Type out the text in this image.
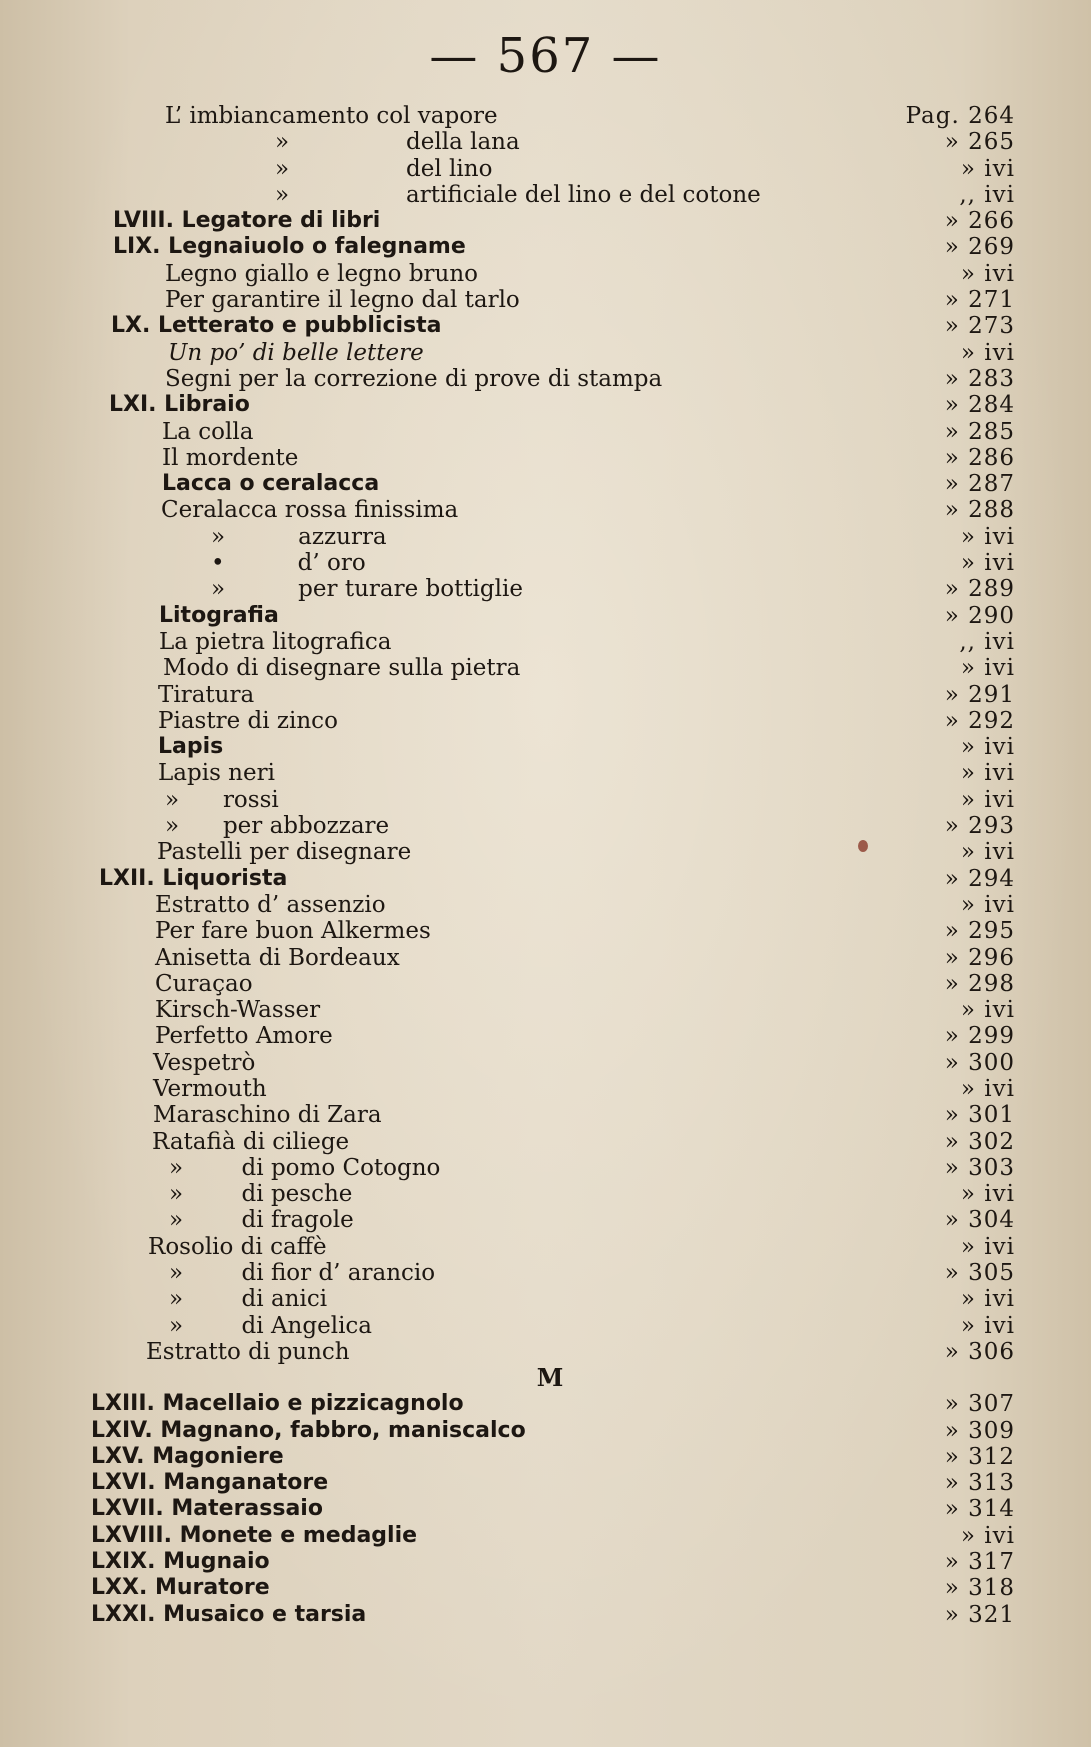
— 567 —
L’ imbiancamento col vapore	Pag. 264
»                della lana	» 265
»                del lino	» ivi
»                artificiale del lino e del cotone	,, ivi
LVIII. Legatore di libri	» 266
LIX. Legnaiuolo o falegname	» 269
Legno giallo e legno bruno	» ivi
Per garantire il legno dal tarlo	» 271
LX. Letterato e pubblicista	» 273
Un po’ di belle lettere	» ivi
Segni per la correzione di prove di stampa	» 283
LXI. Libraio	» 284
La colla	» 285
Il mordente	» 286
Lacca o ceralacca	» 287
Ceralacca rossa finissima	» 288
»          azzurra	» ivi
•          d’ oro	» ivi
»          per turare bottiglie	» 289
Litografia	» 290
La pietra litografica	,, ivi
Modo di disegnare sulla pietra	» ivi
Tiratura	» 291
Piastre di zinco	» 292
Lapis	» ivi
Lapis neri	» ivi
»      rossi	» ivi
»      per abbozzare	» 293
Pastelli per disegnare	» ivi
LXII. Liquorista	» 294
Estratto d’ assenzio	» ivi
Per fare buon Alkermes	» 295
Anisetta di Bordeaux	» 296
Curaçao	» 298
Kirsch-Wasser	» ivi
Perfetto Amore	» 299
Vespetrò	» 300
Vermouth	» ivi
Maraschino di Zara	» 301
Ratafià di ciliege	» 302
»        di pomo Cotogno	» 303
»        di pesche	» ivi
»        di fragole	» 304
Rosolio di caffè	» ivi
»        di fior d’ arancio	» 305
»        di anici	» ivi
»        di Angelica	» ivi
Estratto di punch	» 306
M
LXIII. Macellaio e pizzicagnolo	» 307
LXIV. Magnano, fabbro, maniscalco	» 309
LXV. Magoniere	» 312
LXVI. Manganatore	» 313
LXVII. Materassaio	» 314
LXVIII. Monete e medaglie	» ivi
LXIX. Mugnaio	» 317
LXX. Muratore	» 318
LXXI. Musaico e tarsia	» 321
